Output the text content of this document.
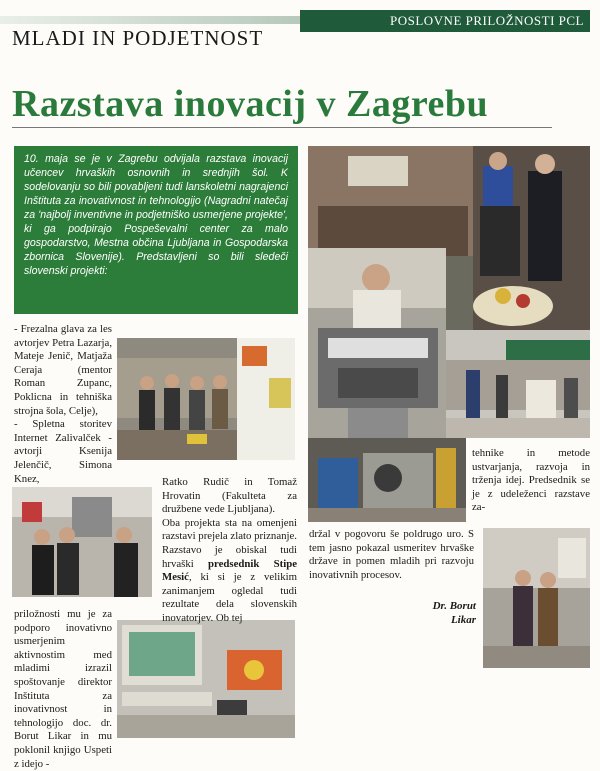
POSLOVNE PRILOŽNOSTI PCL
MLADI IN PODJETNOST
Razstava inovacij v Zagrebu
10. maja se je v Zagrebu odvijala razstava inovacij učencev hrvaških osnovnih in srednjih šol. K sodelovanju so bili povabljeni tudi lanskoletni nagrajenci Inštituta za inovativnost in tehnologijo (Nagradni natečaj za 'najbolj inventivne in podjetniško usmerjene projekte', ki ga podpirajo Pospeševalni center za malo gospodarstvo, Mestna občina Ljubljana in Gospodarska zbornica Slovenije). Predstavljeni so bili sledeči slovenski projekti:
- Frezalna glava za les avtorjev Petra Lazarja, Mateje Jenič, Matjaža Ceraja (mentor Roman Zupanc, Poklicna in tehniška strojna šola, Celje),
- Spletna storitev Internet Zalivalček - avtorji Ksenija Jelenčič, Simona Knez,	Ratko Rudič in Tomaž Hrovatin (Fakulteta za družbene vede Ljubljana).
Oba projekta sta na omenjeni razstavi prejela zlato priznanje. Razstavo je obiskal tudi hrvaški predsednik Stipe Mesić, ki si je z velikim zanimanjem ogledal tudi rezultate dela slovenskih inovatorjev. Ob tej
priložnosti mu je za podporo inovativno usmerjenim aktivnostim med mladimi izrazil spoštovanje direktor Inštituta za inovativnost in tehnologijo doc. dr. Borut Likar in mu poklonil knjigo Uspeti z idejo -
tehnike in metode ustvarjanja, razvoja in trženja idej. Predsednik se je z udeleženci razstave za-
držal v pogovoru še poldrugo uro. S tem jasno pokazal usmeritev hrvaške države in pomen mladih pri razvoju inovativnih procesov.
Dr. Borut Likar
